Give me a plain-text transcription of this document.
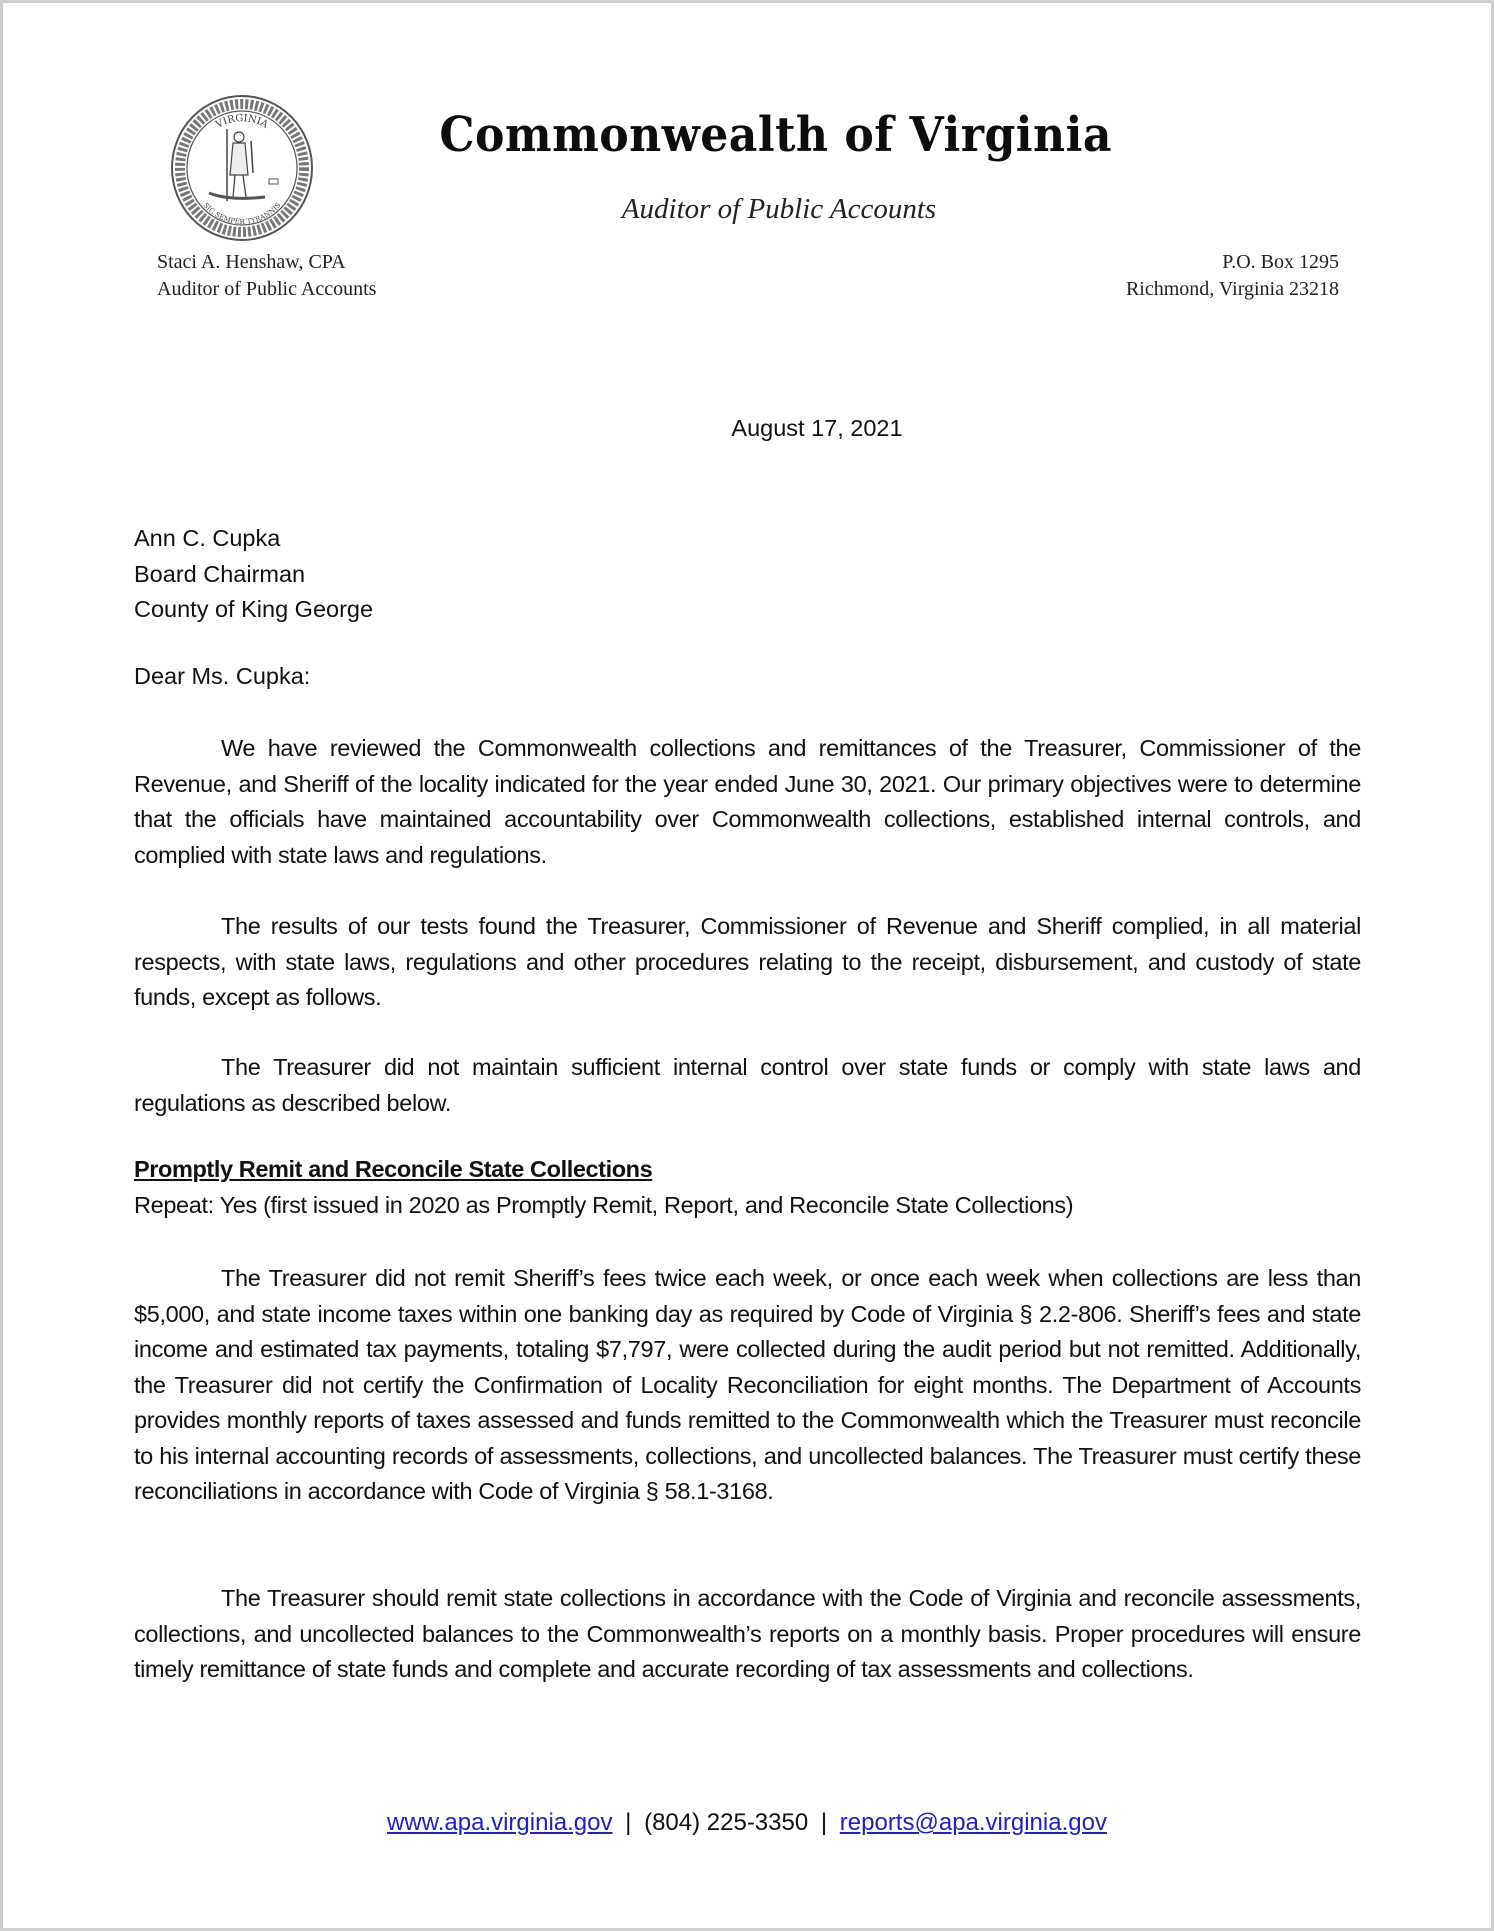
VIRGINIA
SIC SEMPER TYRANNIS
Commonwealth of Virginia
Auditor of Public Accounts
Staci A. Henshaw, CPA
Auditor of Public Accounts
P.O. Box 1295
Richmond, Virginia 23218
August 17, 2021
Ann C. Cupka
Board Chairman
County of King George
Dear Ms. Cupka:

We have reviewed the Commonwealth collections and remittances of the Treasurer, Commissioner of the Revenue, and Sheriff of the locality indicated for the year ended June 30, 2021. Our primary objectives were to determine that the officials have maintained accountability over Commonwealth collections, established internal controls, and complied with state laws and regulations.

The results of our tests found the Treasurer, Commissioner of Revenue and Sheriff complied, in all material respects, with state laws, regulations and other procedures relating to the receipt, disbursement, and custody of state funds, except as follows.

The Treasurer did not maintain sufficient internal control over state funds or comply with state laws and regulations as described below.

Promptly Remit and Reconcile State Collections
Repeat: Yes (first issued in 2020 as Promptly Remit, Report, and Reconcile State Collections)

The Treasurer did not remit Sheriff’s fees twice each week, or once each week when collections are less than $5,000, and state income taxes within one banking day as required by Code of Virginia § 2.2-806. Sheriff’s fees and state income and estimated tax payments, totaling $7,797, were collected during the audit period but not remitted. Additionally, the Treasurer did not certify the Confirmation of Locality Reconciliation for eight months. The Department of Accounts provides monthly reports of taxes assessed and funds remitted to the Commonwealth which the Treasurer must reconcile to his internal accounting records of assessments, collections, and uncollected balances. The Treasurer must certify these reconciliations in accordance with Code of Virginia § 58.1-3168.

The Treasurer should remit state collections in accordance with the Code of Virginia and reconcile assessments, collections, and uncollected balances to the Commonwealth’s reports on a monthly basis. Proper procedures will ensure timely remittance of state funds and complete and accurate recording of tax assessments and collections.

www.apa.virginia.gov | (804) 225-3350 | reports@apa.virginia.gov
